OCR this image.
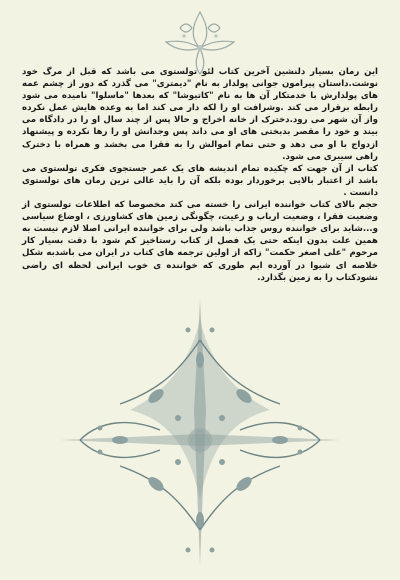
این رمان بسیار دلنشین آخرین کتاب لئو تولستوی می باشد که قبل از مرگ خود نوشت.داستان پیرامون جوانی پولدار به نام "دیمتری" می گذرد که دور از چشم عمه های پولدارش با خدمتکار آن ها به نام "کاتیوشا" که بعدها "ماسلوا" نامیده می شود رابطه برقرار می کند .وشرافت او را لکه دار می کند اما به وعده هایش عمل نکرده واز آن شهر می رود.دخترک از خانه اخراج و حالا پس از چند سال او را در دادگاه می بیند و خود را مقصر بدبختی های او می داند پس وجدانش او را رها نکرده و پیشنهاد ازدواج با او می دهد و حتی تمام اموالش را به فقرا می بخشد و همراه با دخترک راهی سیبری می شود.

کتاب از آن جهت که چکیده تمام اندیشه های یک عمر جستجوی فکری تولستوی می باشد از اعتبار بالایی برخوردار بوده بلکه آن را باید عالی ترین رمان های تولستوی دانست .

حجم بالای کتاب خواننده ایرانی را خسته می کند مخصوصا که اطلاعات تولستوی از وضعیت فقرا ، وضعیت ارباب و رعیت، چگونگی زمین های کشاورزی ، اوضاع سیاسی و...شاید برای خواننده روس جذاب باشد ولی برای خواننده ایرانی اصلا لازم نیست به همین علت بدون اینکه حتی یک فصل از کتاب رستاخیز کم شود با دقت بسیار کار مرحوم "علی اصغر حکمت" زاکه از اولین ترجمه های کتاب در ایران می باشدبه شکل خلاصه ای شیوا در آورده ایم طوری که خواننده ی خوب ایرانی لحظه ای راضی نشودکتاب را به زمین بگذارد.
